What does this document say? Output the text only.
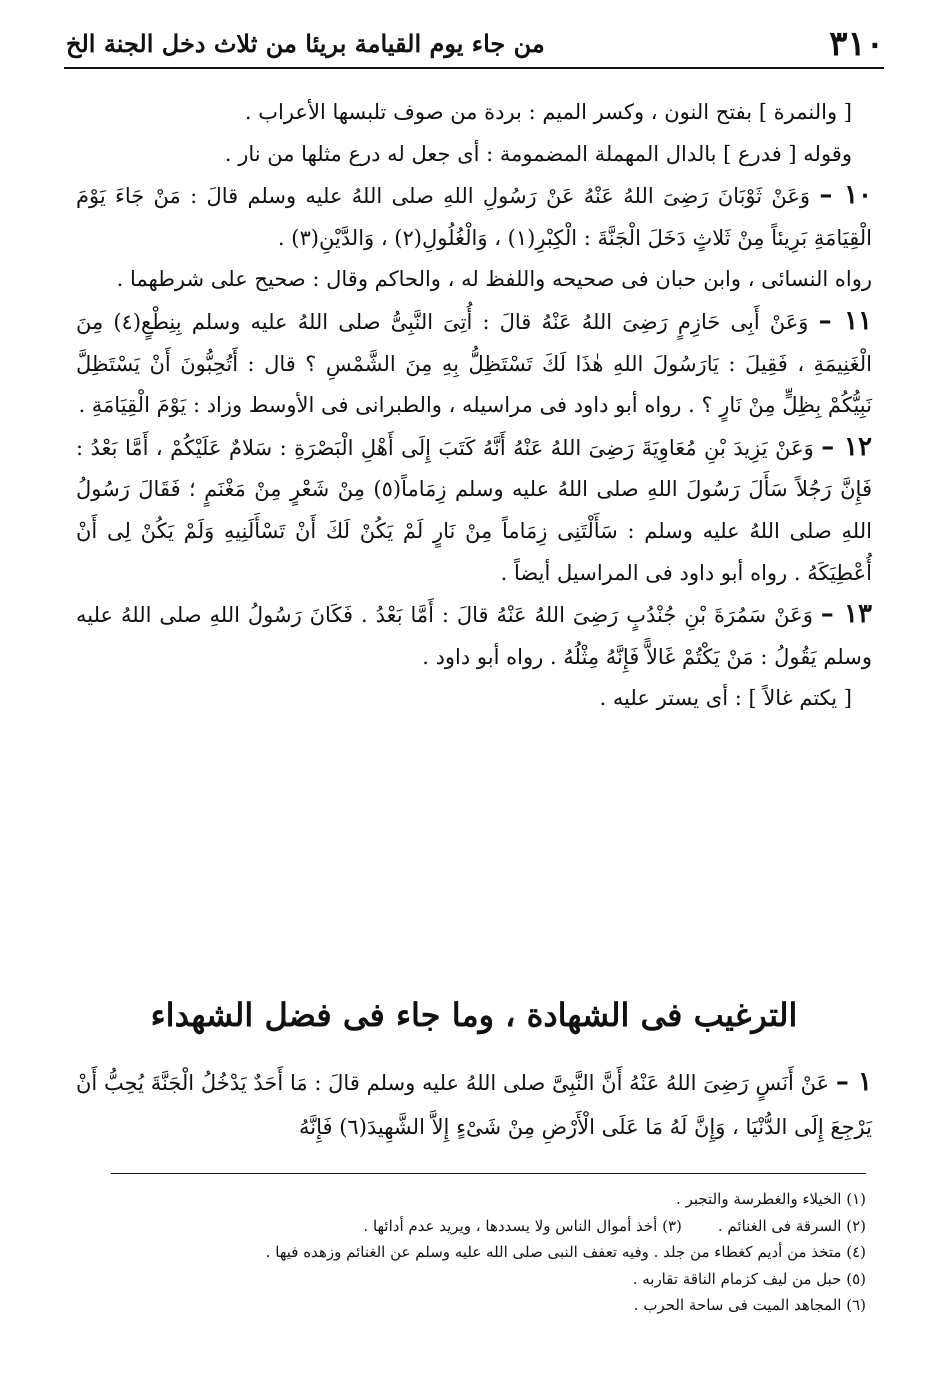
٣١٠
من جاء يوم القيامة بريئا من ثلاث دخل الجنة الخ

[ والنمرة ] بفتح النون ، وكسر الميم : بردة من صوف تلبسها الأعراب .

وقوله [ فدرع ] بالدال المهملة المضمومة : أى جعل له درع مثلها من نار .

١٠ – وَعَنْ ثَوْبَانَ رَضِىَ اللهُ عَنْهُ عَنْ رَسُولِ اللهِ صلى اللهُ عليه وسلم قالَ : مَنْ جَاءَ يَوْمَ الْقِيَامَةِ بَرِيئاً مِنْ ثَلاثٍ دَخَلَ الْجَنَّةَ : الْكِبْرِ(١) ، وَالْغُلُولِ(٢) ، وَالدَّيْنِ(٣) .

رواه النسائى ، وابن حبان فى صحيحه واللفظ له ، والحاكم وقال : صحيح على شرطهما .

١١ – وَعَنْ أَبِى حَازِمٍ رَضِىَ اللهُ عَنْهُ قالَ : أُتِىَ النَّبِىُّ صلى اللهُ عليه وسلم بِنِطْعٍ(٤) مِنَ الْغَنِيمَةِ ، فَقِيلَ : يَارَسُولَ اللهِ هٰذَا لَكَ تَسْتَظِلُّ بِهِ مِنَ الشَّمْسِ ؟ قال : أَتُحِبُّونَ أَنْ يَسْتَظِلَّ نَبِيُّكُمْ بِظِلٍّ مِنْ نَارٍ ؟ . رواه أبو داود فى مراسيله ، والطبرانى فى الأوسط وزاد : يَوْمَ الْقِيَامَةِ .

١٢ – وَعَنْ يَزِيدَ بْنِ مُعَاوِيَةَ رَضِىَ اللهُ عَنْهُ أَنَّهُ كَتَبَ إِلَى أَهْلِ الْبَصْرَةِ : سَلامٌ عَلَيْكُمْ ، أَمَّا بَعْدُ : فَإِنَّ رَجُلاً سَأَلَ رَسُولَ اللهِ صلى اللهُ عليه وسلم زِمَاماً(٥) مِنْ شَعْرٍ مِنْ مَغْنَمٍ ؛ فَقَالَ رَسُولُ اللهِ صلى اللهُ عليه وسلم : سَأَلْتَنِى زِمَاماً مِنْ نَارٍ لَمْ يَكُنْ لَكَ أَنْ تَسْأَلَنِيهِ وَلَمْ يَكُنْ لِى أَنْ أُعْطِيَكَهُ . رواه أبو داود فى المراسيل أيضاً .

١٣ – وَعَنْ سَمُرَةَ بْنِ جُنْدُبٍ رَضِىَ اللهُ عَنْهُ قالَ : أَمَّا بَعْدُ . فَكَانَ رَسُولُ اللهِ صلى اللهُ عليه وسلم يَقُولُ : مَنْ يَكْتُمْ غَالاًّ فَإِنَّهُ مِثْلُهُ . رواه أبو داود .

[ يكتم غالاً ] : أى يستر عليه .

الترغيب فى الشهادة ، وما جاء فى فضل الشهداء

١ – عَنْ أَنَسٍ رَضِىَ اللهُ عَنْهُ أَنَّ النَّبِىَّ صلى اللهُ عليه وسلم قالَ : مَا أَحَدٌ يَدْخُلُ الْجَنَّةَ يُحِبُّ أَنْ يَرْجِعَ إِلَى الدُّنْيَا ، وَإِنَّ لَهُ مَا عَلَى الْأَرْضِ مِنْ شَىْءٍ إِلاَّ الشَّهِيدَ(٦) فَإِنَّهُ

(١) الخيلاء والغطرسة والتجبر .
(٢) السرقة فى الغنائم .
(٣) أخذ أموال الناس ولا يسددها ، ويريد عدم أدائها .
(٤) متخذ من أديم كغطاء من جلد . وفيه تعفف النبى صلى الله عليه وسلم عن الغنائم وزهده فيها .
(٥) حبل من ليف كزمام الناقة تقاربه .
(٦) المجاهد الميت فى ساحة الحرب .
